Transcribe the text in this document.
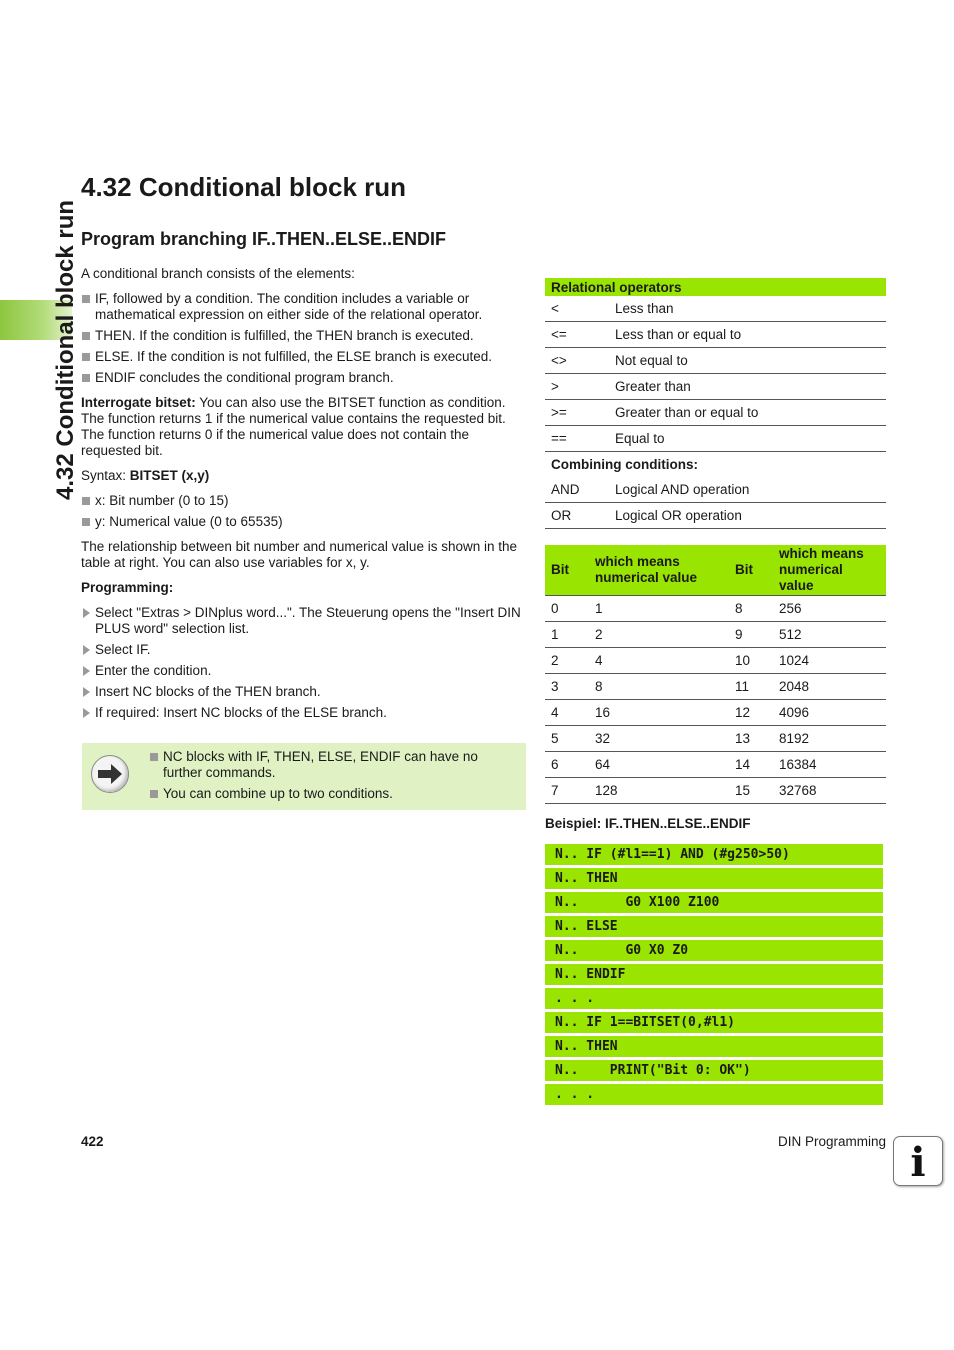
4.32 Conditional block run
4.32 Conditional block run
Program branching IF..THEN..ELSE..ENDIF

A conditional branch consists of the elements:

IF, followed by a condition. The condition includes a variable or mathematical expression on either side of the relational operator.
THEN. If the condition is fulfilled, the THEN branch is executed.
ELSE. If the condition is not fulfilled, the ELSE branch is executed.
ENDIF concludes the conditional program branch.

Interrogate bitset: You can also use the BITSET function as condition. The function returns 1 if the numerical value contains the requested bit. The function returns 0 if the numerical value does not contain the requested bit.

Syntax: BITSET (x,y)

x: Bit number (0 to 15)
y: Numerical value (0 to 65535)

The relationship between bit number and numerical value is shown in the table at right. You can also use variables for x, y.

Programming:

Select "Extras > DINplus word...". The Steuerung opens the "Insert DIN PLUS word" selection list.
Select IF.
Enter the condition.
Insert NC blocks of the THEN branch.
If required: Insert NC blocks of the ELSE branch.
NC blocks with IF, THEN, ELSE, ENDIF can have no further commands.
You can combine up to two conditions.
Relational operators	
<	Less than
<=	Less than or equal to
<>	Not equal to
>	Greater than
>=	Greater than or equal to
==	Equal to
Combining conditions:	
AND	Logical AND operation
OR	Logical OR operation
Bit	which means numerical value	Bit	which means numerical value
0	1	8	256
1	2	9	512
2	4	10	1024
3	8	11	2048
4	16	12	4096
5	32	13	8192
6	64	14	16384
7	128	15	32768
Beispiel: IF..THEN..ELSE..ENDIF
N.. IF (#l1==1) AND (#g250>50)
N.. THEN
N..      G0 X100 Z100
N.. ELSE
N..      G0 X0 Z0
N.. ENDIF
. . .
N.. IF 1==BITSET(0,#l1)
N.. THEN
N..    PRINT("Bit 0: OK")
. . .
422	DIN Programming i
